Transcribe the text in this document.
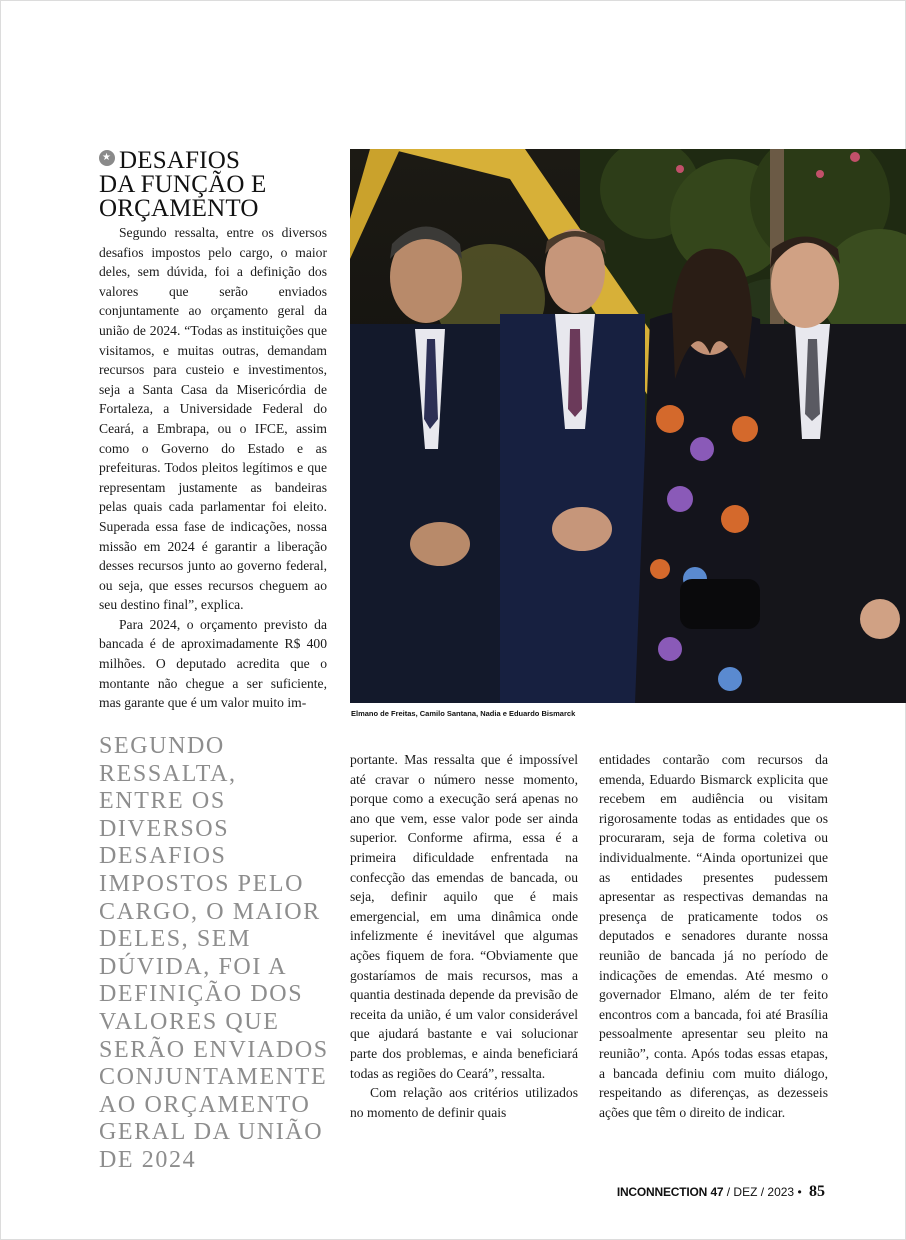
★DESAFIOS
DA FUNÇÃO E
ORÇAMENTO

Segundo ressalta, entre os diversos desafios impostos pelo cargo, o maior deles, sem dúvida, foi a definição dos valores que serão enviados conjuntamente ao orçamento geral da união de 2024. “Todas as instituições que visitamos, e muitas outras, demandam recursos para custeio e investimentos, seja a Santa Casa da Misericórdia de Fortaleza, a Universidade Federal do Ceará, a Embrapa, ou o IFCE, assim como o Governo do Estado e as prefeituras. Todos pleitos legítimos e que representam justamente as bandeiras pelas quais cada parlamentar foi eleito. Superada essa fase de indicações, nossa missão em 2024 é garantir a liberação desses recursos junto ao governo federal, ou seja, que esses recursos cheguem ao seu destino final”, explica.

Para 2024, o orçamento previsto da bancada é de aproximadamente R$ 400 milhões. O deputado acredita que o montante não chegue a ser suficiente, mas garante que é um valor muito im-

Elmano de Freitas, Camilo Santana, Nadia e Eduardo Bismarck
SEGUNDO RESSALTA, ENTRE OS DIVERSOS DESAFIOS IMPOSTOS PELO CARGO, O MAIOR DELES, SEM DÚVIDA, FOI A DEFINIÇÃO DOS VALORES QUE SERÃO ENVIADOS CONJUNTAMENTE AO ORÇAMENTO GERAL DA UNIÃO DE 2024

portante. Mas ressalta que é impossível até cravar o número nesse momento, porque como a execução será apenas no ano que vem, esse valor pode ser ainda superior. Conforme afirma, essa é a primeira dificuldade enfrentada na confecção das emendas de bancada, ou seja, definir aquilo que é mais emergencial, em uma dinâmica onde infelizmente é inevitável que algumas ações fiquem de fora. “Obviamente que gostaríamos de mais recursos, mas a quantia destinada depende da previsão de receita da união, é um valor considerável que ajudará bastante e vai solucionar parte dos problemas, e ainda beneficiará todas as regiões do Ceará”, ressalta.

Com relação aos critérios utilizados no momento de definir quais

entidades contarão com recursos da emenda, Eduardo Bismarck explicita que recebem em audiência ou visitam rigorosamente todas as entidades que os procuraram, seja de forma coletiva ou individualmente. “Ainda oportunizei que as entidades presentes pudessem apresentar as respectivas demandas na presença de praticamente todos os deputados e senadores durante nossa reunião de bancada já no período de indicações de emendas. Até mesmo o governador Elmano, além de ter feito encontros com a bancada, foi até Brasília pessoalmente apresentar seu pleito na reunião”, conta. Após todas essas etapas, a bancada definiu com muito diálogo, respeitando as diferenças, as dezesseis ações que têm o direito de indicar.

INCONNECTION 47 / DEZ / 2023 • 85
